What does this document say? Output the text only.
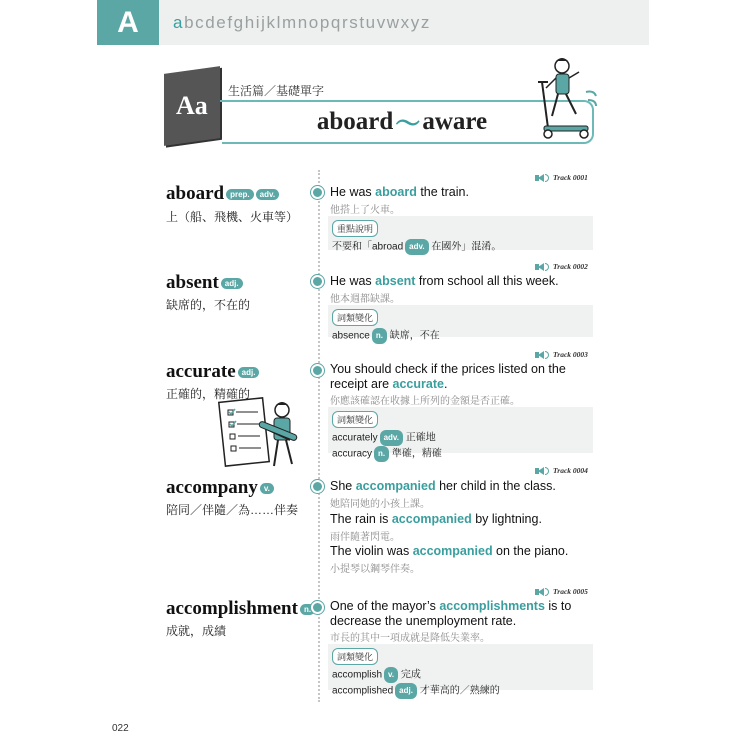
A	a bcdefghijklmnopqrstuvwxyz
Aa 生活篇／基礎單字
aboard ～ aware
Track 0001
aboard prep. adv.
上（船、飛機、火車等）
He was aboard the train.
他搭上了火車。
重點說明
不要和「abroad adv. 在國外」混淆。
Track 0002
absent adj.
缺席的，不在的
He was absent from school all this week.
他本週都缺課。
詞類變化
absence n. 缺席，不在
Track 0003
accurate adj.
正確的，精確的
You should check if the prices listed on the receipt are accurate.
你應該確認在收據上所列的金額是否正確。
詞類變化
accurately adv. 正確地
accuracy n. 準確，精確
Track 0004
accompany v.
陪同／伴隨／為……伴奏
She accompanied her child in the class.
她陪同她的小孩上課。
The rain is accompanied by lightning.
雨伴隨著閃電。
The violin was accompanied on the piano.
小提琴以鋼琴伴奏。
Track 0005
accomplishment n.
成就，成績
One of the mayor’s accomplishments is to decrease the unemployment rate.
市長的其中一項成就是降低失業率。
詞類變化
accomplish v. 完成
accomplished adj. 才華高的／熟練的
022
